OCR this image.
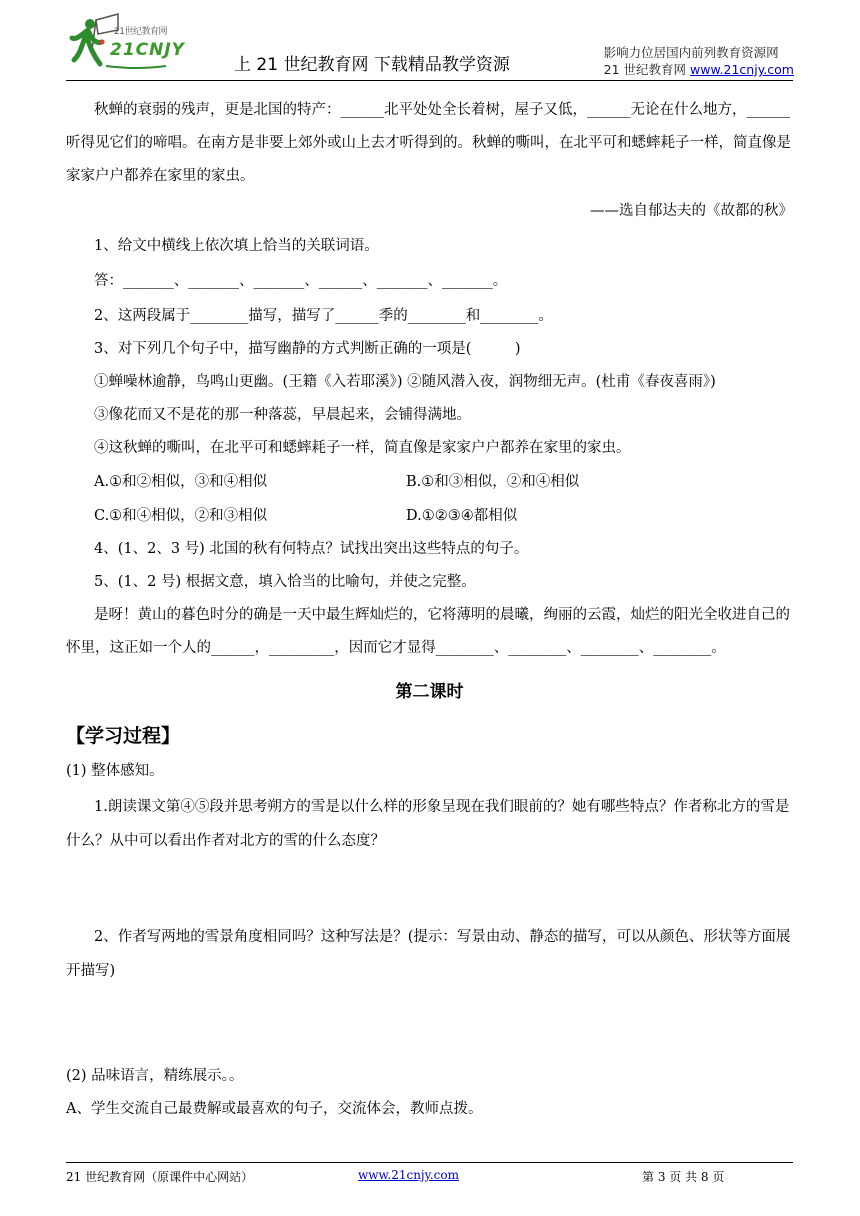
21世纪教育网
21CNJY
上 21 世纪教育网 下载精品教学资源
影响力位居国内前列教育资源网
21 世纪教育网 www.21cnjy.com

秋蝉的衰弱的残声，更是北国的特产：______北平处处全长着树，屋子又低，______无论在什么地方，______听得见它们的啼唱。在南方是非要上郊外或山上去才听得到的。秋蝉的嘶叫，在北平可和蟋蟀耗子一样，简直像是家家户户都养在家里的家虫。

——选自郁达夫的《故都的秋》

1、给文中横线上依次填上恰当的关联词语。

答：_______、_______、_______、______、_______、_______。

2、这两段属于________描写，描写了______季的________和________。

3、对下列几个句子中，描写幽静的方式判断正确的一项是(　　　)

①蝉噪林逾静，鸟鸣山更幽。(王籍《入若耶溪》) ②随风潜入夜，润物细无声。(杜甫《春夜喜雨》)

③像花而又不是花的那一种落蕊，早晨起来，会铺得满地。

④这秋蝉的嘶叫，在北平可和蟋蟀耗子一样，简直像是家家户户都养在家里的家虫。

A.①和②相似，③和④相似	B.①和③相似，②和④相似
C.①和④相似，②和③相似	D.①②③④都相似

4、(1、2、3 号) 北国的秋有何特点？试找出突出这些特点的句子。

5、(1、2 号) 根据文意，填入恰当的比喻句，并使之完整。

是呀！黄山的暮色时分的确是一天中最生辉灿烂的，它将薄明的晨曦，绚丽的云霞，灿烂的阳光全收进自己的怀里，这正如一个人的______，_________，因而它才显得________、________、________、________。

第二课时

【学习过程】

(1) 整体感知。

1.朗读课文第④⑤段并思考朔方的雪是以什么样的形象呈现在我们眼前的？她有哪些特点？作者称北方的雪是什么？从中可以看出作者对北方的雪的什么态度？

2、作者写两地的雪景角度相同吗？这种写法是？(提示：写景由动、静态的描写，可以从颜色、形状等方面展开描写)

(2) 品味语言，精练展示。。

A、学生交流自己最费解或最喜欢的句子，交流体会，教师点拨。

21 世纪教育网（原课件中心网站）	www.21cnjy.com	第 3 页 共 8 页
